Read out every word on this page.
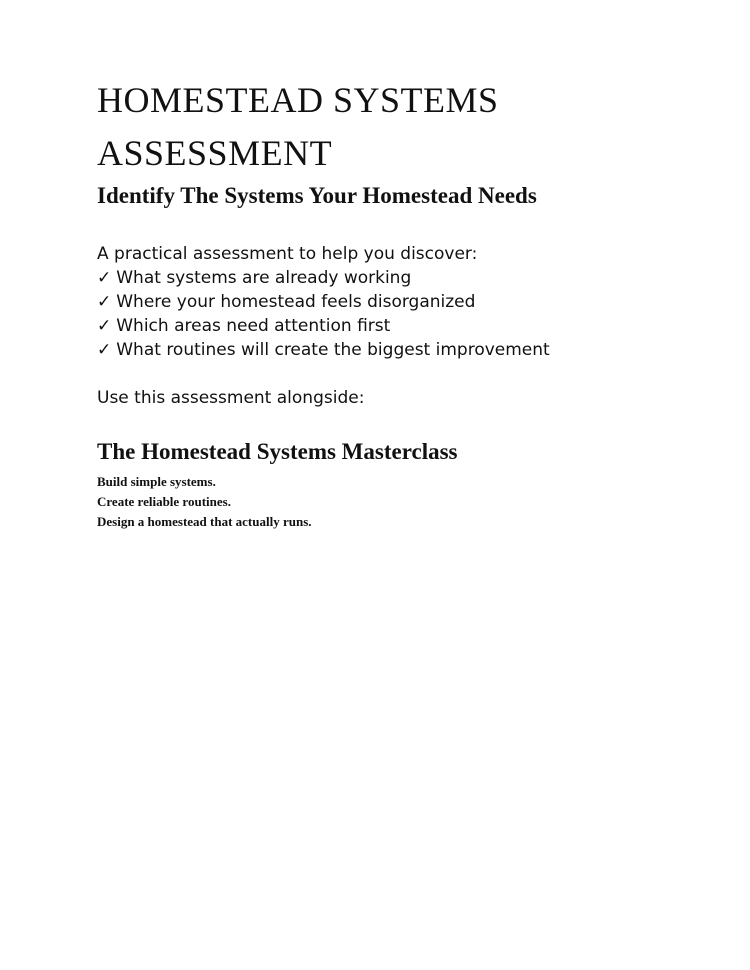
HOMESTEAD SYSTEMS
ASSESSMENT
Identify The Systems Your Homestead Needs
A practical assessment to help you discover:
✓ What systems are already working
✓ Where your homestead feels disorganized
✓ Which areas need attention first
✓ What routines will create the biggest improvement
Use this assessment alongside:
The Homestead Systems Masterclass
Build simple systems.
Create reliable routines.
Design a homestead that actually runs.
